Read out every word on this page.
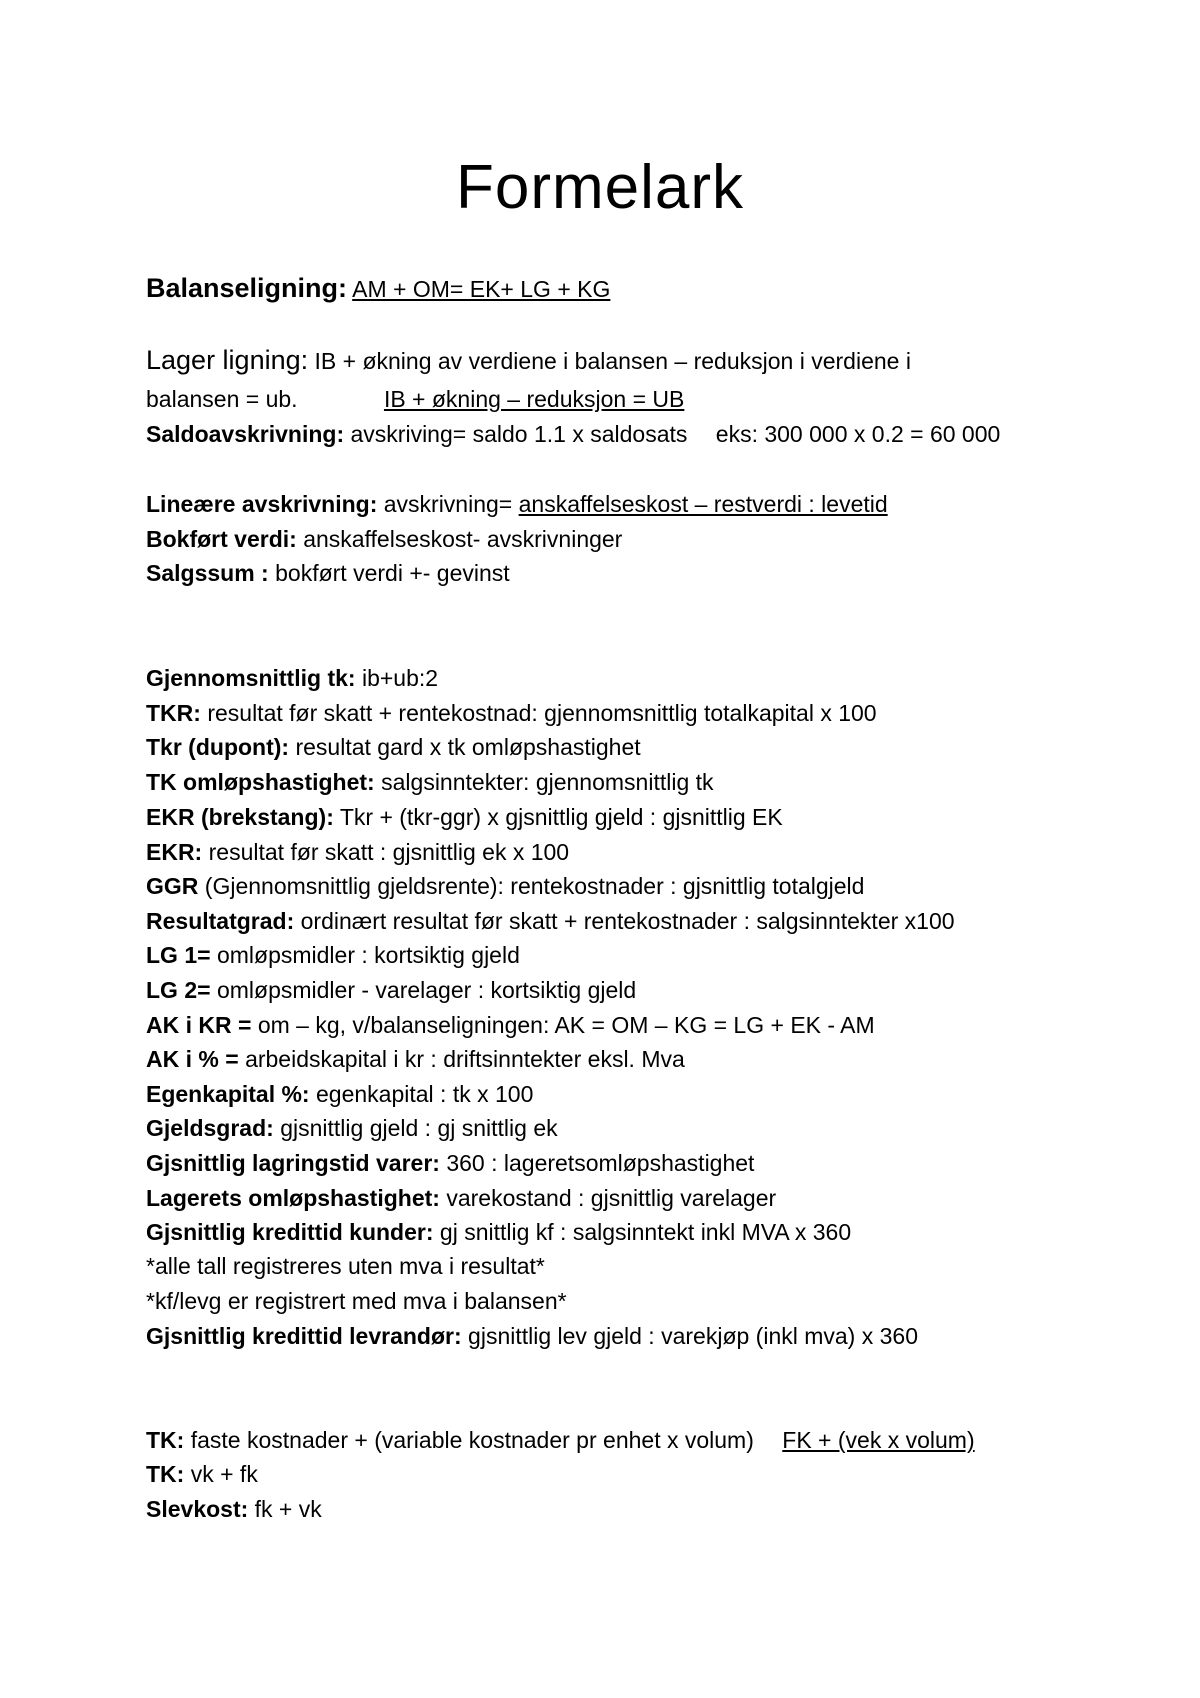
Formelark
Balanseligning: AM + OM= EK+ LG + KG
Lager ligning: IB + økning av verdiene i balansen – reduksjon i verdiene i
balansen = ub.	IB + økning – reduksjon = UB
Saldoavskrivning: avskriving= saldo 1.1 x saldosats eks: 300 000 x 0.2 = 60 000
Lineære avskrivning: avskrivning= anskaffelseskost – restverdi : levetid
Bokført verdi: anskaffelseskost- avskrivninger
Salgssum : bokført verdi +- gevinst
Gjennomsnittlig tk: ib+ub:2
TKR: resultat før skatt + rentekostnad: gjennomsnittlig totalkapital x 100
Tkr (dupont): resultat gard x tk omløpshastighet
TK omløpshastighet: salgsinntekter: gjennomsnittlig tk
EKR (brekstang): Tkr + (tkr-ggr) x gjsnittlig gjeld : gjsnittlig EK
EKR: resultat før skatt : gjsnittlig ek x 100
GGR (Gjennomsnittlig gjeldsrente): rentekostnader : gjsnittlig totalgjeld
Resultatgrad: ordinært resultat før skatt + rentekostnader : salgsinntekter x100
LG 1= omløpsmidler : kortsiktig gjeld
LG 2= omløpsmidler - varelager : kortsiktig gjeld
AK i KR = om – kg, v/balanseligningen: AK = OM – KG = LG + EK - AM
AK i % = arbeidskapital i kr : driftsinntekter eksl. Mva
Egenkapital %: egenkapital : tk x 100
Gjeldsgrad: gjsnittlig gjeld : gj snittlig ek
Gjsnittlig lagringstid varer: 360 : lageretsomløpshastighet
Lagerets omløpshastighet: varekostand : gjsnittlig varelager
Gjsnittlig kredittid kunder: gj snittlig kf : salgsinntekt inkl MVA x 360
*alle tall registreres uten mva i resultat*
*kf/levg er registrert med mva i balansen*
Gjsnittlig kredittid levrandør: gjsnittlig lev gjeld : varekjøp (inkl mva) x 360
TK: faste kostnader + (variable kostnader pr enhet x volum) FK + (vek x volum)
TK: vk + fk
Slevkost: fk + vk
